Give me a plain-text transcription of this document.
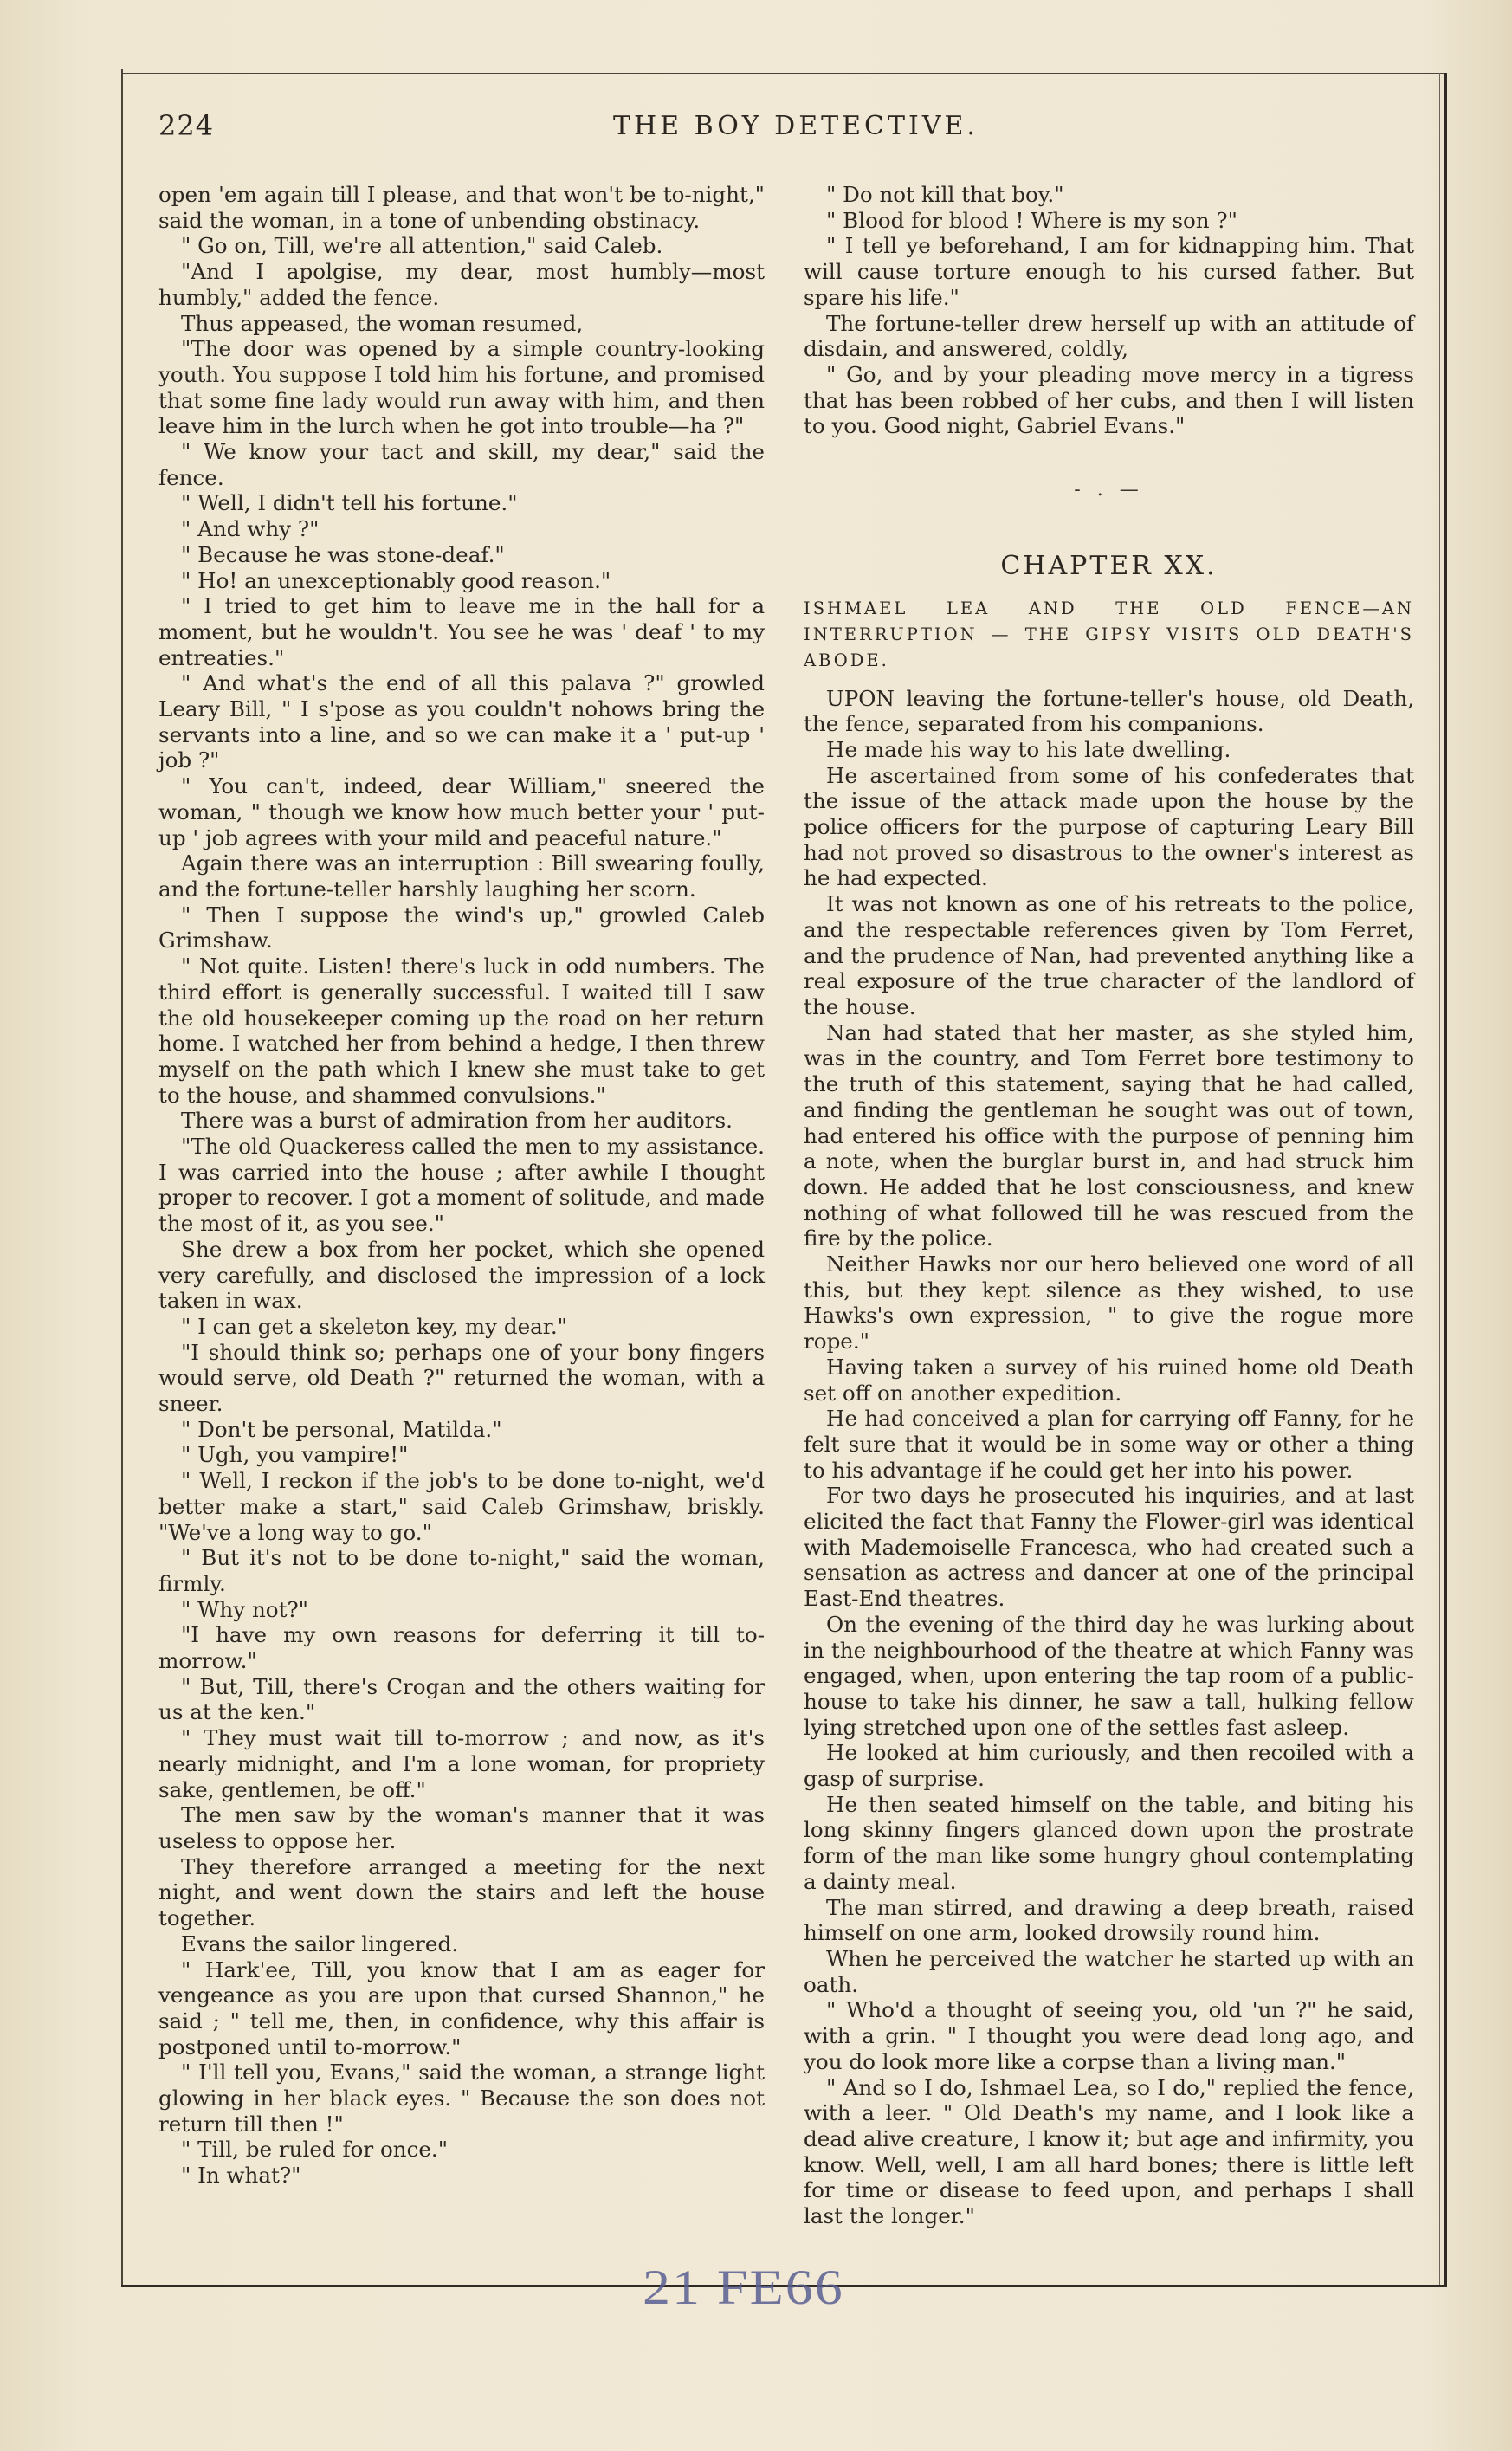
224	THE BOY DETECTIVE.

open 'em again till I please, and that won't be to-night," said the woman, in a tone of unbending obstinacy.

" Go on, Till, we're all attention," said Caleb.

"And I apolgise, my dear, most humbly—most humbly," added the fence.

Thus appeased, the woman resumed,

"The door was opened by a simple country-looking youth. You suppose I told him his fortune, and promised that some fine lady would run away with him, and then leave him in the lurch when he got into trouble—ha ?"

" We know your tact and skill, my dear," said the fence.

" Well, I didn't tell his fortune."

" And why ?"

" Because he was stone-deaf."

" Ho! an unexceptionably good reason."

" I tried to get him to leave me in the hall for a moment, but he wouldn't. You see he was ' deaf ' to my entreaties."

" And what's the end of all this palava ?" growled Leary Bill, " I s'pose as you couldn't nohows bring the servants into a line, and so we can make it a ' put-up ' job ?"

" You can't, indeed, dear William," sneered the woman, " though we know how much better your ' put-up ' job agrees with your mild and peaceful nature."

Again there was an interruption : Bill swearing foully, and the fortune-teller harshly laughing her scorn.

" Then I suppose the wind's up," growled Caleb Grimshaw.

" Not quite. Listen! there's luck in odd numbers. The third effort is generally successful. I waited till I saw the old housekeeper coming up the road on her return home. I watched her from behind a hedge, I then threw myself on the path which I knew she must take to get to the house, and shammed convulsions."

There was a burst of admiration from her auditors.

"The old Quackeress called the men to my assistance. I was carried into the house ; after awhile I thought proper to recover. I got a moment of solitude, and made the most of it, as you see."

She drew a box from her pocket, which she opened very carefully, and disclosed the impression of a lock taken in wax.

" I can get a skeleton key, my dear."

"I should think so; perhaps one of your bony fingers would serve, old Death ?" returned the woman, with a sneer.

" Don't be personal, Matilda."

" Ugh, you vampire!"

" Well, I reckon if the job's to be done to-night, we'd better make a start," said Caleb Grimshaw, briskly. "We've a long way to go."

" But it's not to be done to-night," said the woman, firmly.

" Why not?"

"I have my own reasons for deferring it till to-morrow."

" But, Till, there's Crogan and the others waiting for us at the ken."

" They must wait till to-morrow ; and now, as it's nearly midnight, and I'm a lone woman, for propriety sake, gentlemen, be off."

The men saw by the woman's manner that it was useless to oppose her.

They therefore arranged a meeting for the next night, and went down the stairs and left the house together.

Evans the sailor lingered.

" Hark'ee, Till, you know that I am as eager for vengeance as you are upon that cursed Shannon," he said ; " tell me, then, in confidence, why this affair is postponed until to-morrow."

" I'll tell you, Evans," said the woman, a strange light glowing in her black eyes. " Because the son does not return till then !"

" Till, be ruled for once."

" In what?"

" Do not kill that boy."

" Blood for blood ! Where is my son ?"

" I tell ye beforehand, I am for kidnapping him. That will cause torture enough to his cursed father. But spare his life."

The fortune-teller drew herself up with an attitude of disdain, and answered, coldly,

" Go, and by your pleading move mercy in a tigress that has been robbed of her cubs, and then I will listen to you. Good night, Gabriel Evans."

- . —
CHAPTER XX.

ISHMAEL LEA AND THE OLD FENCE—AN INTERRUPTION — THE GIPSY VISITS OLD DEATH'S ABODE.

UPON leaving the fortune-teller's house, old Death, the fence, separated from his companions.

He made his way to his late dwelling.

He ascertained from some of his confederates that the issue of the attack made upon the house by the police officers for the purpose of capturing Leary Bill had not proved so disastrous to the owner's interest as he had expected.

It was not known as one of his retreats to the police, and the respectable references given by Tom Ferret, and the prudence of Nan, had prevented anything like a real exposure of the true character of the landlord of the house.

Nan had stated that her master, as she styled him, was in the country, and Tom Ferret bore testimony to the truth of this statement, saying that he had called, and finding the gentleman he sought was out of town, had entered his office with the purpose of penning him a note, when the burglar burst in, and had struck him down. He added that he lost consciousness, and knew nothing of what followed till he was rescued from the fire by the police.

Neither Hawks nor our hero believed one word of all this, but they kept silence as they wished, to use Hawks's own expression, " to give the rogue more rope."

Having taken a survey of his ruined home old Death set off on another expedition.

He had conceived a plan for carrying off Fanny, for he felt sure that it would be in some way or other a thing to his advantage if he could get her into his power.

For two days he prosecuted his inquiries, and at last elicited the fact that Fanny the Flower-girl was identical with Mademoiselle Francesca, who had created such a sensation as actress and dancer at one of the principal East-End theatres.

On the evening of the third day he was lurking about in the neighbourhood of the theatre at which Fanny was engaged, when, upon entering the tap room of a public-house to take his dinner, he saw a tall, hulking fellow lying stretched upon one of the settles fast asleep.

He looked at him curiously, and then recoiled with a gasp of surprise.

He then seated himself on the table, and biting his long skinny fingers glanced down upon the prostrate form of the man like some hungry ghoul contemplating a dainty meal.

The man stirred, and drawing a deep breath, raised himself on one arm, looked drowsily round him.

When he perceived the watcher he started up with an oath.

" Who'd a thought of seeing you, old 'un ?" he said, with a grin. " I thought you were dead long ago, and you do look more like a corpse than a living man."

" And so I do, Ishmael Lea, so I do," replied the fence, with a leer. " Old Death's my name, and I look like a dead alive creature, I know it; but age and infirmity, you know. Well, well, I am all hard bones; there is little left for time or disease to feed upon, and perhaps I shall last the longer."

21 FE66
